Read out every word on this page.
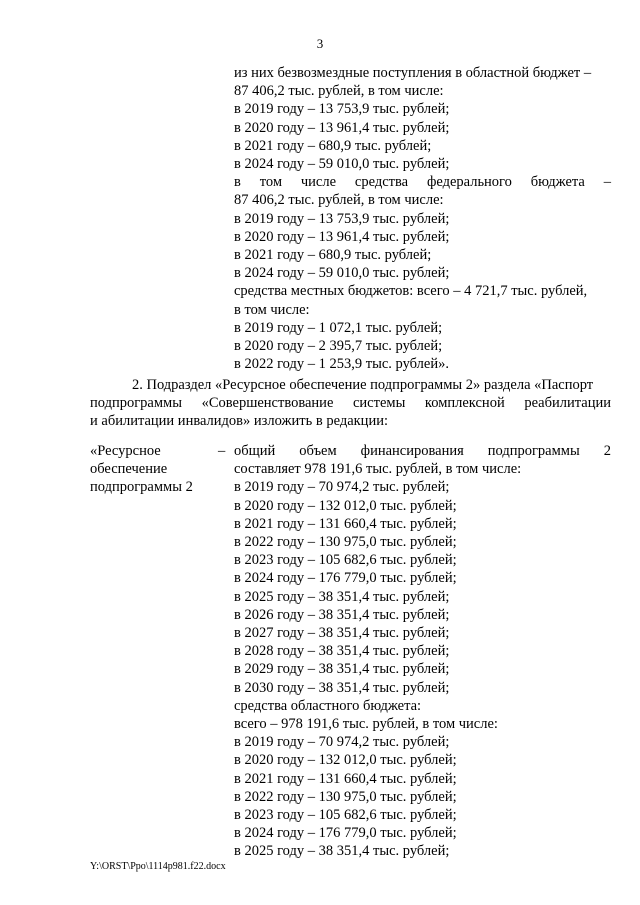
3
из них безвозмездные поступления в областной бюджет –
87 406,2 тыс. рублей, в том числе:
в 2019 году – 13 753,9 тыс. рублей;
в 2020 году – 13 961,4 тыс. рублей;
в 2021 году – 680,9 тыс. рублей;
в 2024 году – 59 010,0 тыс. рублей;
в том числе средства федерального бюджета –
87 406,2 тыс. рублей, в том числе:
в 2019 году – 13 753,9 тыс. рублей;
в 2020 году – 13 961,4 тыс. рублей;
в 2021 году – 680,9 тыс. рублей;
в 2024 году – 59 010,0 тыс. рублей;
средства местных бюджетов: всего – 4 721,7 тыс. рублей,
в том числе:
в 2019 году – 1 072,1 тыс. рублей;
в 2020 году – 2 395,7 тыс. рублей;
в 2022 году – 1 253,9 тыс. рублей».
2. Подраздел «Ресурсное обеспечение подпрограммы 2» раздела «Паспорт
подпрограммы «Совершенствование системы комплексной реабилитации
и абилитации инвалидов» изложить в редакции:
«Ресурсное
обеспечение
подпрограммы 2
– общий объем финансирования подпрограммы 2
составляет 978 191,6 тыс. рублей, в том числе:
в 2019 году – 70 974,2 тыс. рублей;
в 2020 году – 132 012,0 тыс. рублей;
в 2021 году – 131 660,4 тыс. рублей;
в 2022 году – 130 975,0 тыс. рублей;
в 2023 году – 105 682,6 тыс. рублей;
в 2024 году – 176 779,0 тыс. рублей;
в 2025 году – 38 351,4 тыс. рублей;
в 2026 году – 38 351,4 тыс. рублей;
в 2027 году – 38 351,4 тыс. рублей;
в 2028 году – 38 351,4 тыс. рублей;
в 2029 году – 38 351,4 тыс. рублей;
в 2030 году – 38 351,4 тыс. рублей;
средства областного бюджета:
всего – 978 191,6 тыс. рублей, в том числе:
в 2019 году – 70 974,2 тыс. рублей;
в 2020 году – 132 012,0 тыс. рублей;
в 2021 году – 131 660,4 тыс. рублей;
в 2022 году – 130 975,0 тыс. рублей;
в 2023 году – 105 682,6 тыс. рублей;
в 2024 году – 176 779,0 тыс. рублей;
в 2025 году – 38 351,4 тыс. рублей;
Y:\ORST\Ppo\1114p981.f22.docx
